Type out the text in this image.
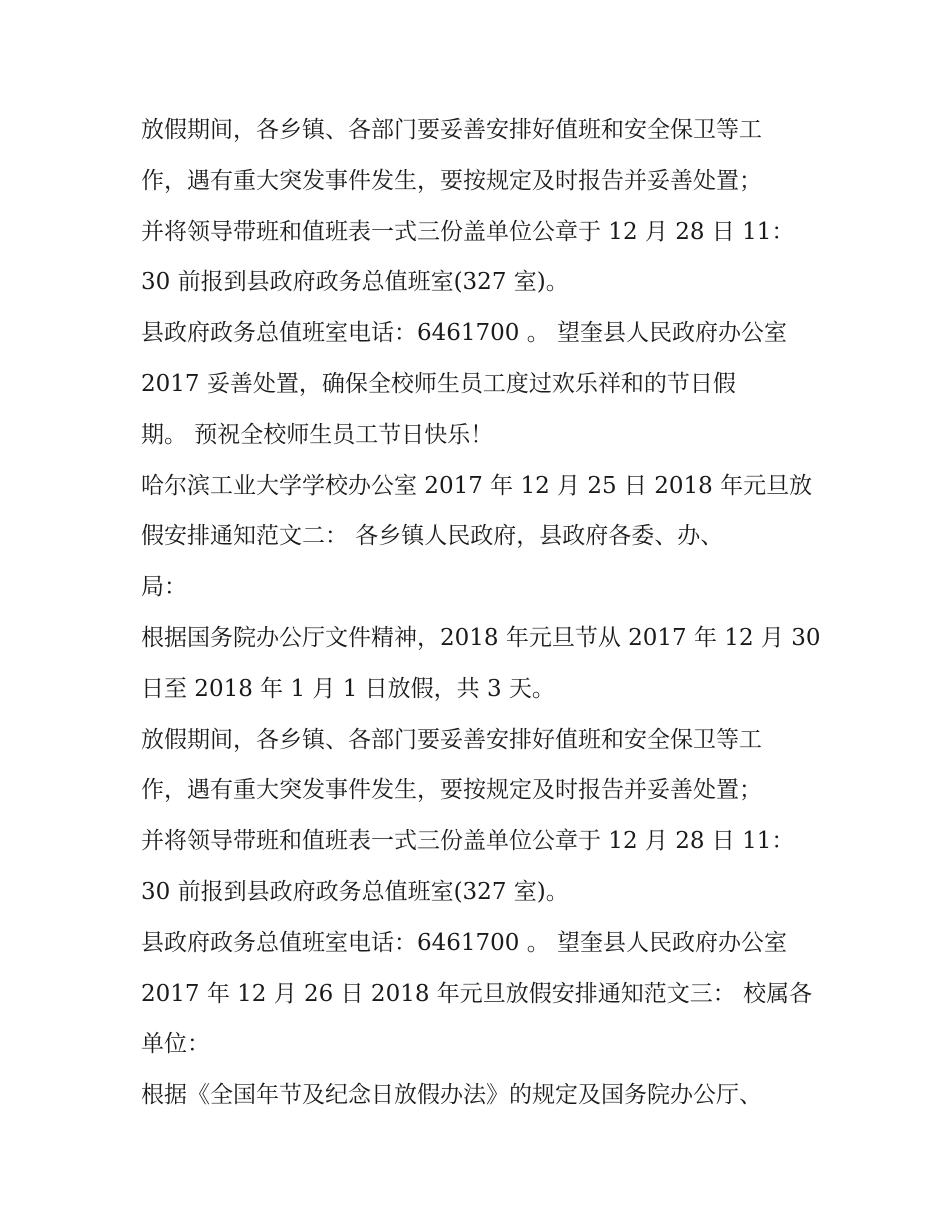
放假期间，各乡镇、各部门要妥善安排好值班和安全保卫等工
作，遇有重大突发事件发生，要按规定及时报告并妥善处置；
并将领导带班和值班表一式三份盖单位公章于 12 月 28 日 11：
30 前报到县政府政务总值班室(327 室)。
县政府政务总值班室电话：6461700 。 望奎县人民政府办公室
2017 妥善处置，确保全校师生员工度过欢乐祥和的节日假
期。 预祝全校师生员工节日快乐！
哈尔滨工业大学学校办公室 2017 年 12 月 25 日 2018 年元旦放
假安排通知范文二： 各乡镇人民政府，县政府各委、办、
局：
根据国务院办公厅文件精神，2018 年元旦节从 2017 年 12 月 30
日至 2018 年 1 月 1 日放假，共 3 天。
放假期间，各乡镇、各部门要妥善安排好值班和安全保卫等工
作，遇有重大突发事件发生，要按规定及时报告并妥善处置；
并将领导带班和值班表一式三份盖单位公章于 12 月 28 日 11：
30 前报到县政府政务总值班室(327 室)。
县政府政务总值班室电话：6461700 。 望奎县人民政府办公室
2017 年 12 月 26 日 2018 年元旦放假安排通知范文三： 校属各
单位：
根据《全国年节及纪念日放假办法》的规定及国务院办公厅、
